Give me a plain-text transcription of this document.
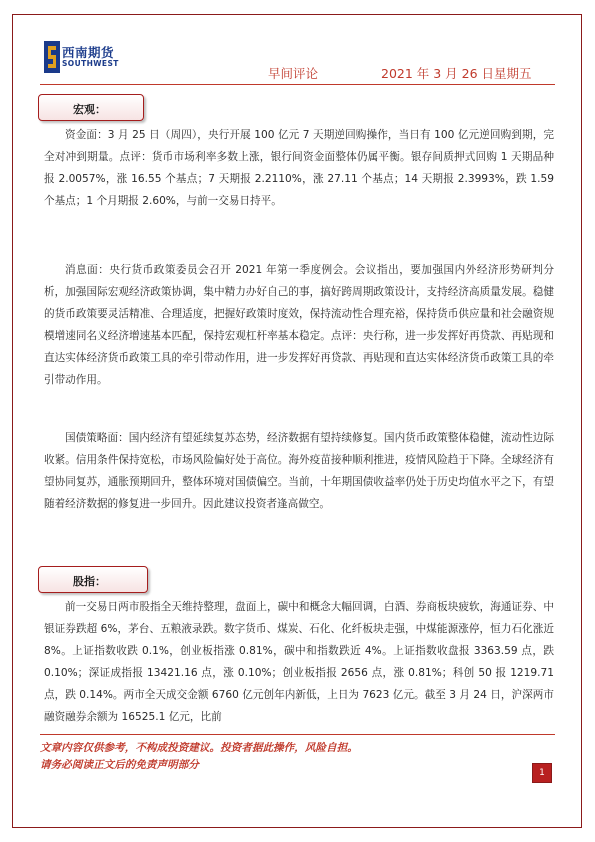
西南期货
SOUTHWEST
早间评论	2021 年 3 月 26 日星期五
宏观：

资金面：3 月 25 日（周四），央行开展 100 亿元 7 天期逆回购操作，当日有 100 亿元逆回购到期，完全对冲到期量。点评：货币市场利率多数上涨，银行间资金面整体仍属平衡。银存间质押式回购 1 天期品种报 2.0057%，涨 16.55 个基点；7 天期报 2.2110%，涨 27.11 个基点；14 天期报 2.3993%，跌 1.59 个基点；1 个月期报 2.60%，与前一交易日持平。

消息面：央行货币政策委员会召开 2021 年第一季度例会。会议指出，要加强国内外经济形势研判分析，加强国际宏观经济政策协调，集中精力办好自己的事，搞好跨周期政策设计，支持经济高质量发展。稳健的货币政策要灵活精准、合理适度，把握好政策时度效，保持流动性合理充裕，保持货币供应量和社会融资规模增速同名义经济增速基本匹配，保持宏观杠杆率基本稳定。点评：央行称，进一步发挥好再贷款、再贴现和直达实体经济货币政策工具的牵引带动作用，进一步发挥好再贷款、再贴现和直达实体经济货币政策工具的牵引带动作用。

国债策略面：国内经济有望延续复苏态势，经济数据有望持续修复。国内货币政策整体稳健，流动性边际收紧。信用条件保持宽松，市场风险偏好处于高位。海外疫苗接种顺利推进，疫情风险趋于下降。全球经济有望协同复苏，通胀预期回升，整体环境对国债偏空。当前，十年期国债收益率仍处于历史均值水平之下，有望随着经济数据的修复进一步回升。因此建议投资者逢高做空。

股指：

前一交易日两市股指全天维持整理，盘面上，碳中和概念大幅回调，白酒、券商板块疲软，海通证券、中银证券跌超 6%，茅台、五粮液录跌。数字货币、煤炭、石化、化纤板块走强，中煤能源涨停，恒力石化涨近 8%。上证指数收跌 0.1%，创业板指涨 0.81%，碳中和指数跌近 4%。上证指数收盘报 3363.59 点，跌 0.10%；深证成指报 13421.16 点，涨 0.10%；创业板指报 2656 点，涨 0.81%；科创 50 报 1219.71 点，跌 0.14%。两市全天成交金额 6760 亿元创年内新低，上日为 7623 亿元。截至 3 月 24 日，沪深两市融资融券余额为 16525.1 亿元，比前

文章内容仅供参考，不构成投资建议。投资者据此操作，风险自担。
请务必阅读正文后的免责声明部分
1
